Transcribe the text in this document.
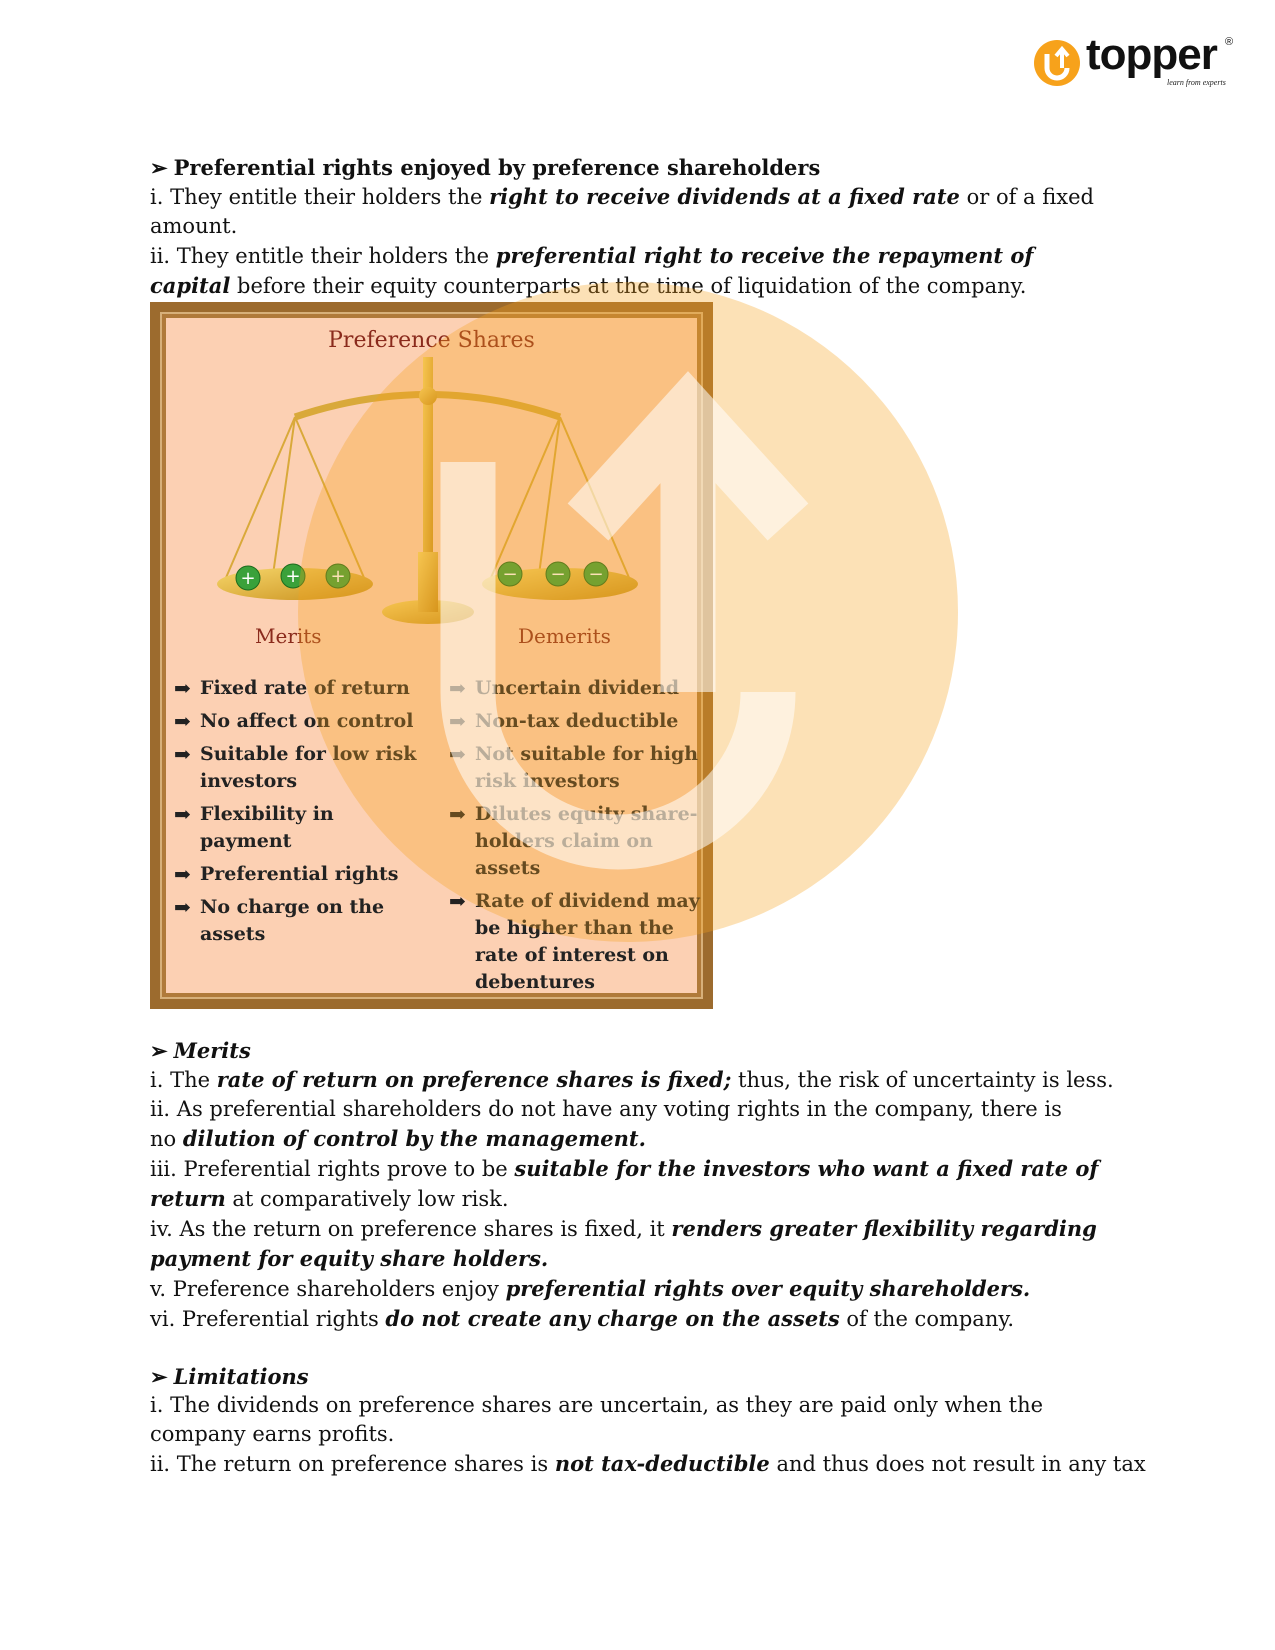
topper ®
learn from experts
➢ Preferential rights enjoyed by preference shareholders
i. They entitle their holders the right to receive dividends at a fixed rate or of a fixed
amount.
ii. They entitle their holders the preferential right to receive the repayment of
capital before their equity counterparts at the time of liquidation of the company.
+ + +	− − −
Preference Shares
Merits	Demerits
➡ Fixed rate of return
➡ No affect on control
➡ Suitable for low risk investors
➡ Flexibility in payment
➡ Preferential rights
➡ No charge on the assets
➡ Uncertain dividend
➡ Non-tax deductible
➡ Not suitable for high risk investors
➡ Dilutes equity share-holders claim on assets
➡ Rate of dividend may be higher than the rate of interest on debentures
➢ Merits
i. The rate of return on preference shares is fixed; thus, the risk of uncertainty is less.
ii. As preferential shareholders do not have any voting rights in the company, there is
no dilution of control by the management.
iii. Preferential rights prove to be suitable for the investors who want a fixed rate of
return at comparatively low risk.
iv. As the return on preference shares is fixed, it renders greater flexibility regarding
payment for equity share holders.
v. Preference shareholders enjoy preferential rights over equity shareholders.
vi. Preferential rights do not create any charge on the assets of the company.
➢ Limitations
i. The dividends on preference shares are uncertain, as they are paid only when the
company earns profits.
ii. The return on preference shares is not tax-deductible and thus does not result in any tax
